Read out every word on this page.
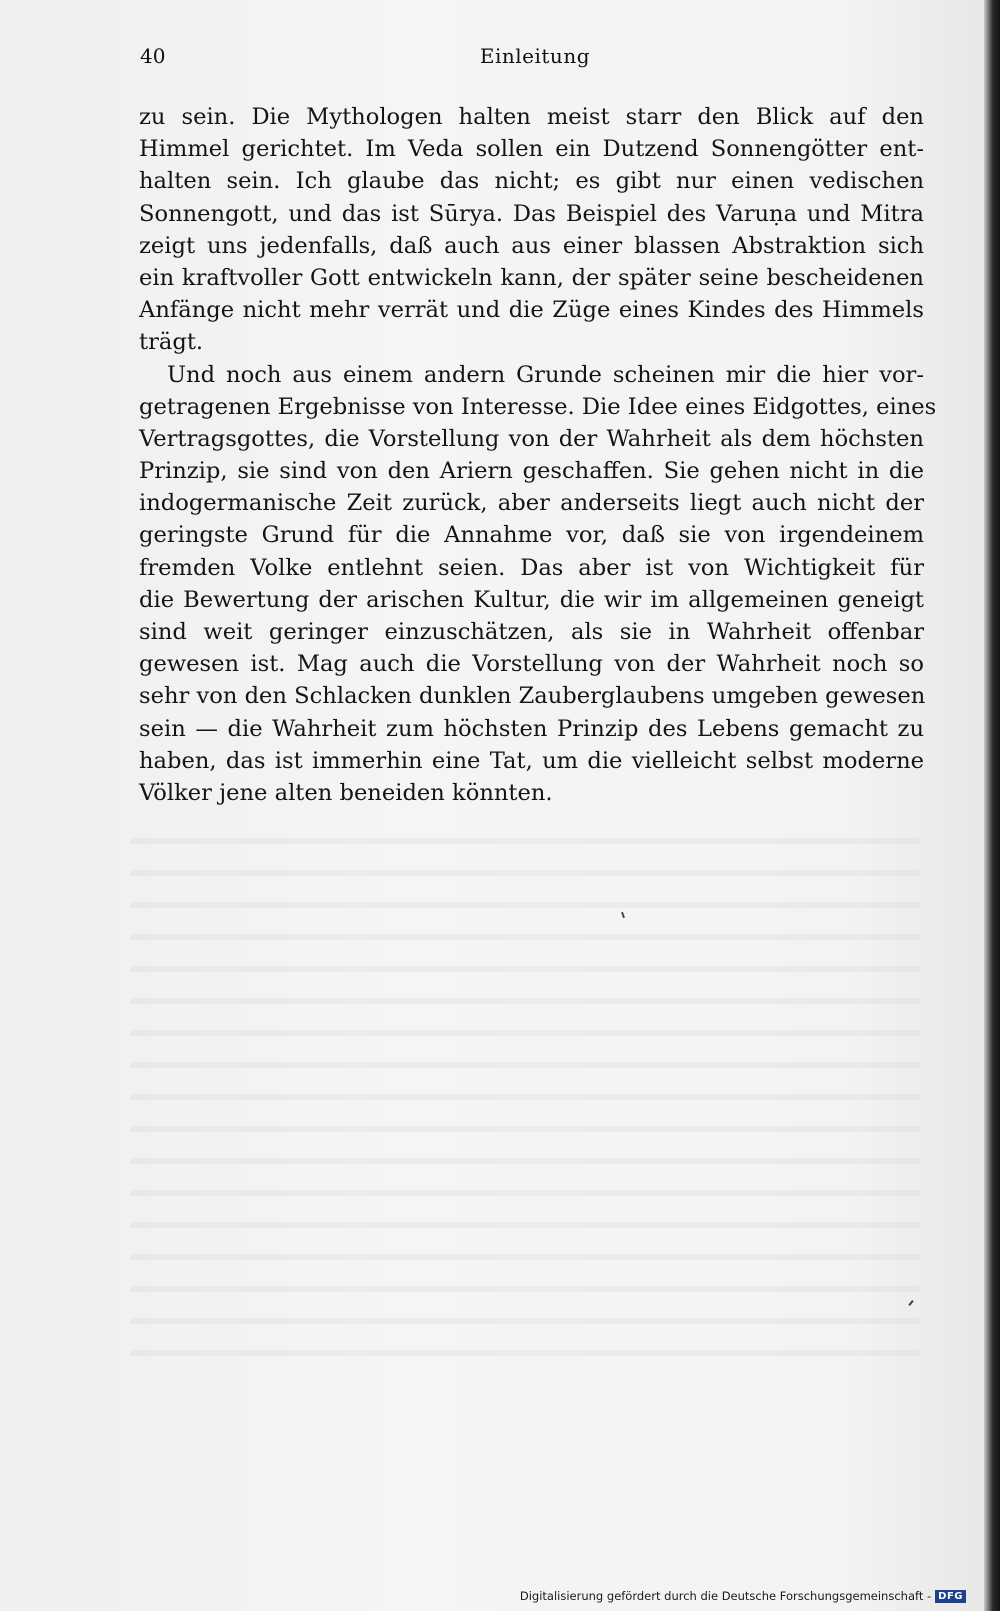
40	Einleitung
zu sein. Die Mythologen halten meist starr den Blick auf den
Himmel gerichtet. Im Veda sollen ein Dutzend Sonnengötter ent-
halten sein. Ich glaube das nicht; es gibt nur einen vedischen
Sonnengott, und das ist Sūrya. Das Beispiel des Varuṇa und Mitra
zeigt uns jedenfalls, daß auch aus einer blassen Abstraktion sich
ein kraftvoller Gott entwickeln kann, der später seine bescheidenen
Anfänge nicht mehr verrät und die Züge eines Kindes des Himmels
trägt.
Und noch aus einem andern Grunde scheinen mir die hier vor-
getragenen Ergebnisse von Interesse. Die Idee eines Eidgottes, eines
Vertragsgottes, die Vorstellung von der Wahrheit als dem höchsten
Prinzip, sie sind von den Ariern geschaffen. Sie gehen nicht in die
indogermanische Zeit zurück, aber anderseits liegt auch nicht der
geringste Grund für die Annahme vor, daß sie von irgendeinem
fremden Volke entlehnt seien. Das aber ist von Wichtigkeit für
die Bewertung der arischen Kultur, die wir im allgemeinen geneigt
sind weit geringer einzuschätzen, als sie in Wahrheit offenbar
gewesen ist. Mag auch die Vorstellung von der Wahrheit noch so
sehr von den Schlacken dunklen Zauberglaubens umgeben gewesen
sein — die Wahrheit zum höchsten Prinzip des Lebens gemacht zu
haben, das ist immerhin eine Tat, um die vielleicht selbst moderne
Völker jene alten beneiden könnten.
Digitalisierung gefördert durch die Deutsche Forschungsgemeinschaft - DFG
